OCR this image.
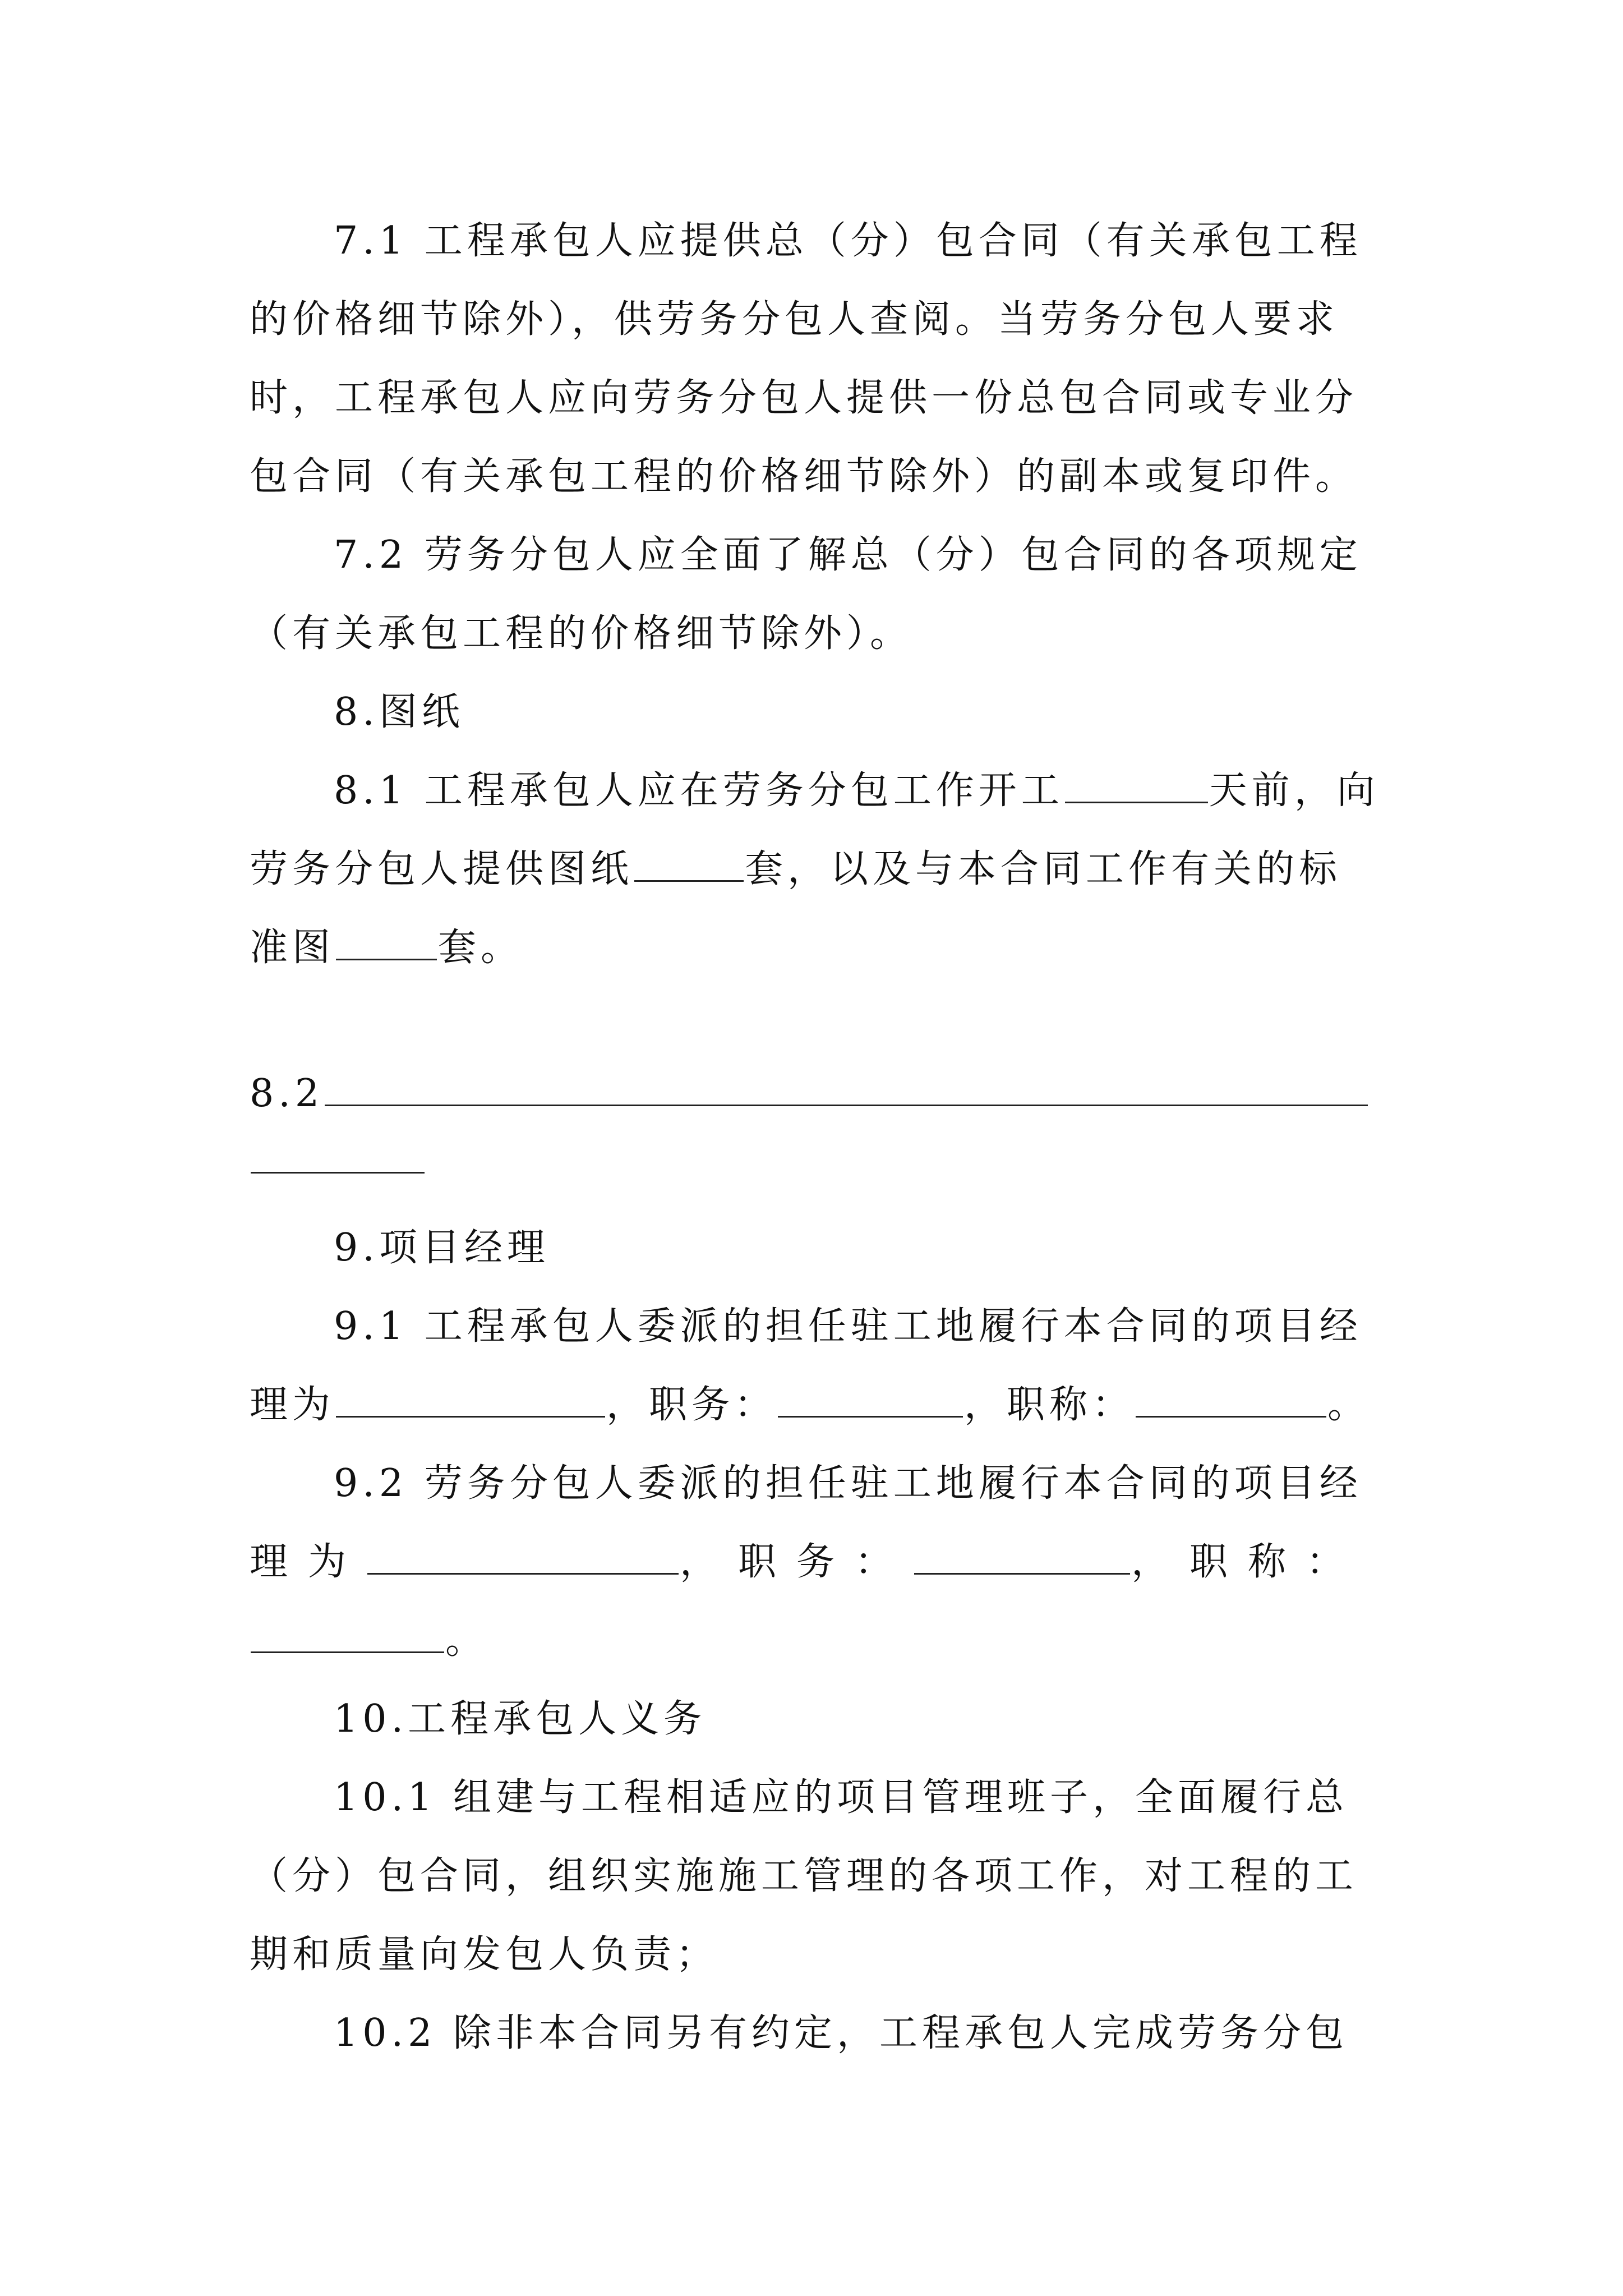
7.1 工程承包人应提供总（分）包合同（有关承包工程
的价格细节除外），供劳务分包人查阅。当劳务分包人要求
时，工程承包人应向劳务分包人提供一份总包合同或专业分
包合同（有关承包工程的价格细节除外）的副本或复印件。
7.2 劳务分包人应全面了解总（分）包合同的各项规定
（有关承包工程的价格细节除外）。
8.图纸
8.1 工程承包人应在劳务分包工作开工	天前，向
劳务分包人提供图纸	套，以及与本合同工作有关的标
准图	套。
8.2
9.项目经理
9.1 工程承包人委派的担任驻工地履行本合同的项目经
理为	，职务：	，职称：	。
9.2 劳务分包人委派的担任驻工地履行本合同的项目经
理为	，职务：	，职称：
。
10.工程承包人义务
10.1 组建与工程相适应的项目管理班子，全面履行总
（分）包合同，组织实施施工管理的各项工作，对工程的工
期和质量向发包人负责；
10.2 除非本合同另有约定，工程承包人完成劳务分包
